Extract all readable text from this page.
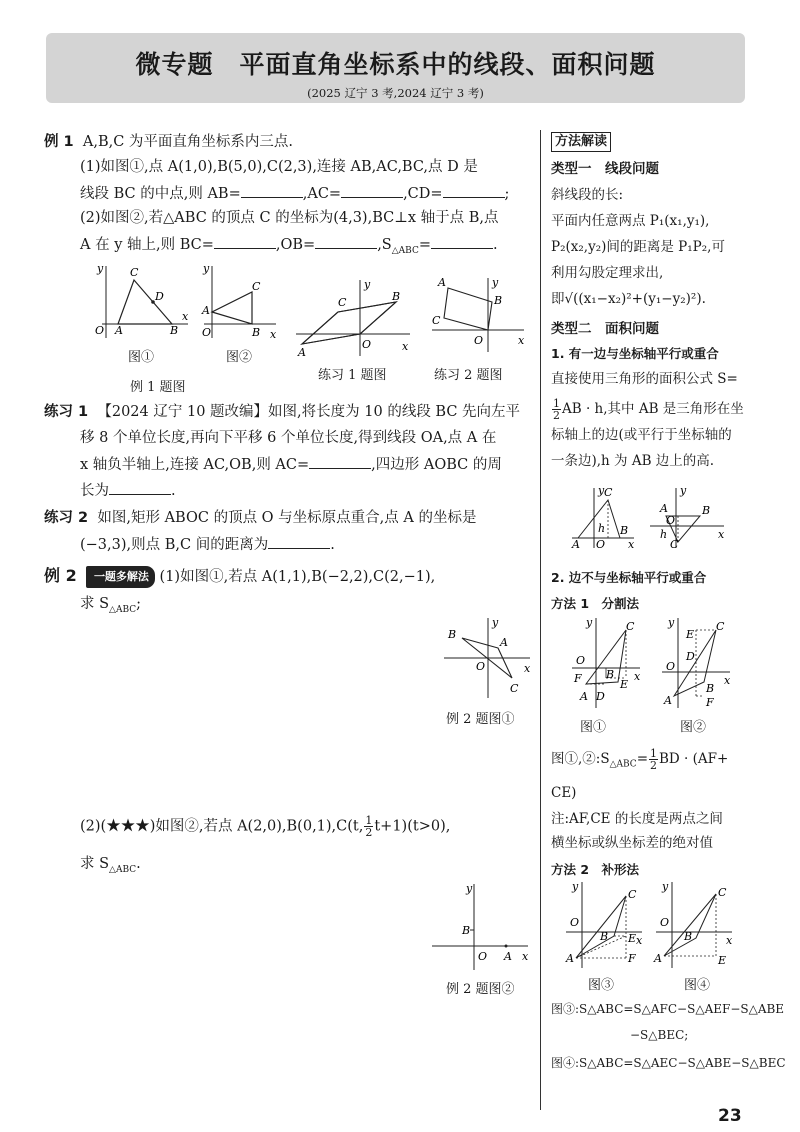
微专题　平面直角坐标系中的线段、面积问题
(2025 辽宁 3 考,2024 辽宁 3 考)
例 1 A,B,C 为平面直角坐标系内三点.
(1)如图①,点 A(1,0),B(5,0),C(2,3),连接 AB,AC,BC,点 D 是
线段 BC 的中点,则 AB=	,AC=	,CD=	;
(2)如图②,若△ABC 的顶点 C 的坐标为(4,3),BC⊥x 轴于点 B,点
A 在 y 轴上,则 BC=	,OB=	$,S_{\triangle ABC}=$	.
y
x
O A	B
C
D
图①
y
x
O
A
B
C
图②
例 1 题图
y
x
O
A
B
C
练习 1 题图
y
x
O
A
B
C
练习 2 题图
练习 1 【2024 辽宁 10 题改编】如图,将长度为 10 的线段 BC 先向左平
移 8 个单位长度,再向下平移 6 个单位长度,得到线段 OA,点 A 在
x 轴负半轴上,连接 AC,OB,则 AC=	,四边形 AOBC 的周
长为	.
练习 2 如图,矩形 ABOC 的顶点 O 与坐标原点重合,点 A 的坐标是
(−3,3),则点 B,C 间的距离为	.
例 2 一题多解法 (1)如图①,若点 A(1,1),B(−2,2),C(2,−1),
求 $S_{\triangle ABC}$;
y
x
O
A
B
C
例 2 题图①
(2)(★★★)如图②,若点 A(2,0),B(0,1),C(t, $\frac{1}{2} t+1)(t>0)$,
求 $S_{\triangle ABC}$.
y
x
O
B
A
例 2 题图②
方法解读
类型一　线段问题
斜线段的长:
平面内任意两点 P₁(x₁,y₁),
P₂(x₂,y₂)间的距离是 P₁P₂,可
利用勾股定理求出,
即√((x₁−x₂)²+(y₁−y₂)²).
类型二　面积问题
1. 有一边与坐标轴平行或重合
直接使用三角形的面积公式 S=
$\frac{1}{2}$ AB · h,其中 AB 是三角形在坐
标轴上的边(或平行于坐标轴的
一条边),h 为 AB 边上的高.
y
x
A
B
C
h
O
y
x
A	B
C
h
O
2. 边不与坐标轴平行或重合
方法 1　分割法
y
x
O
C
F
A D
E
B
图①
y
x
O
C
E
D
A
B
F
图②
图$①,②:S_{\triangle ABC}= \frac{1}{2}$ BD · (AF+
CE)
注:AF,CE 的长度是两点之间
横坐标或纵坐标差的绝对值
方法 2　补形法
y
x
O
C
B E
F
A
图③
y
x
O
C
B
E
A
图④
图③:S△ABC=S△AFC−S△AEF−S△ABE
−S△BEC;
图④:S△ABC=S△AEC−S△ABE−S△BEC
23
